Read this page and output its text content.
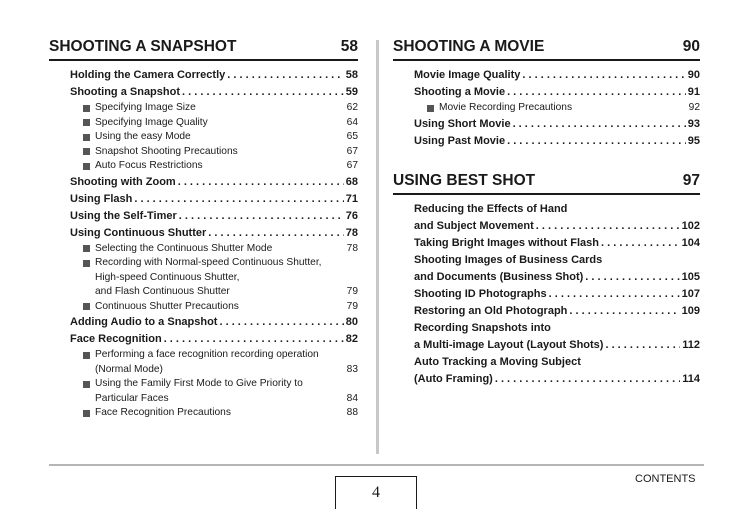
SHOOTING A SNAPSHOT	58
Holding the Camera Correctly . . .	58
Shooting a Snapshot . . .	59
Specifying Image Size	62
Specifying Image Quality	64
Using the easy Mode	65
Snapshot Shooting Precautions	67
Auto Focus Restrictions	67
Shooting with Zoom . . .	68
Using Flash . . .	71
Using the Self-Timer . . .	76
Using Continuous Shutter . . .	78
Selecting the Continuous Shutter Mode	78
Recording with Normal-speed Continuous Shutter,
High-speed Continuous Shutter,
and Flash Continuous Shutter	79
Continuous Shutter Precautions	79
Adding Audio to a Snapshot . . .	80
Face Recognition . . .	82
Performing a face recognition recording operation
(Normal Mode)	83
Using the Family First Mode to Give Priority to
Particular Faces	84
Face Recognition Precautions	88
SHOOTING A MOVIE	90
Movie Image Quality . . .	90
Shooting a Movie . . .	91
Movie Recording Precautions	92
Using Short Movie . . .	93
Using Past Movie . . .	95
USING BEST SHOT	97
Reducing the Effects of Hand
and Subject Movement . . .	102
Taking Bright Images without Flash . . .	104
Shooting Images of Business Cards
and Documents (Business Shot) . . .	105
Shooting ID Photographs . . .	107
Restoring an Old Photograph . . .	109
Recording Snapshots into
a Multi-image Layout (Layout Shots) . . .	112
Auto Tracking a Moving Subject
(Auto Framing) . . .	114
4
CONTENTS
